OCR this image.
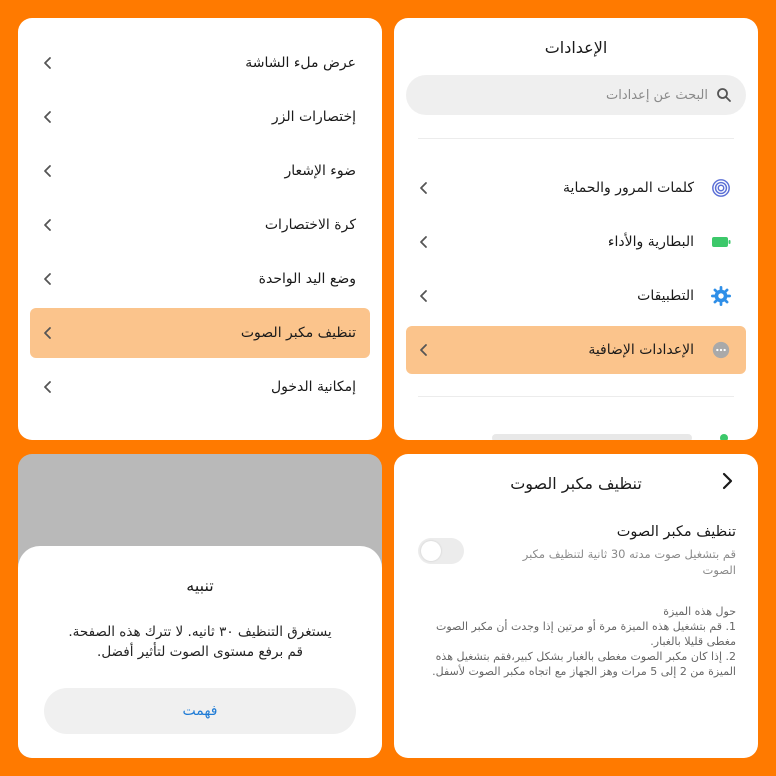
عرض ملء الشاشة
إختصارات الزر
ضوء الإشعار
كرة الاختصارات
وضع اليد الواحدة
تنظيف مكبر الصوت
إمكانية الدخول
الإعدادات
البحث عن إعدادات
كلمات المرور والحماية
البطارية والأداء
التطبيقات
الإعدادات الإضافية
تنبيه
يستغرق التنظيف ٣٠ ثانيه. لا تترك هذه الصفحة.
قم برفع مستوى الصوت لتأثير أفضل.
فهمت
تنظيف مكبر الصوت
تنظيف مكبر الصوت
قم بتشغيل صوت مدته 30 ثانية لتنظيف مكبر الصوت
حول هذه الميزة
1. قم بتشغيل هذه الميزة مرة أو مرتين إذا وجدت أن مكبر الصوت مغطى قليلا بالغبار.
2. إذا كان مكبر الصوت مغطى بالغبار بشكل كبير،فقم بتشغيل هذه الميزة من 2 إلى 5 مرات وهز الجهاز مع اتجاه مكبر الصوت لأسفل.
